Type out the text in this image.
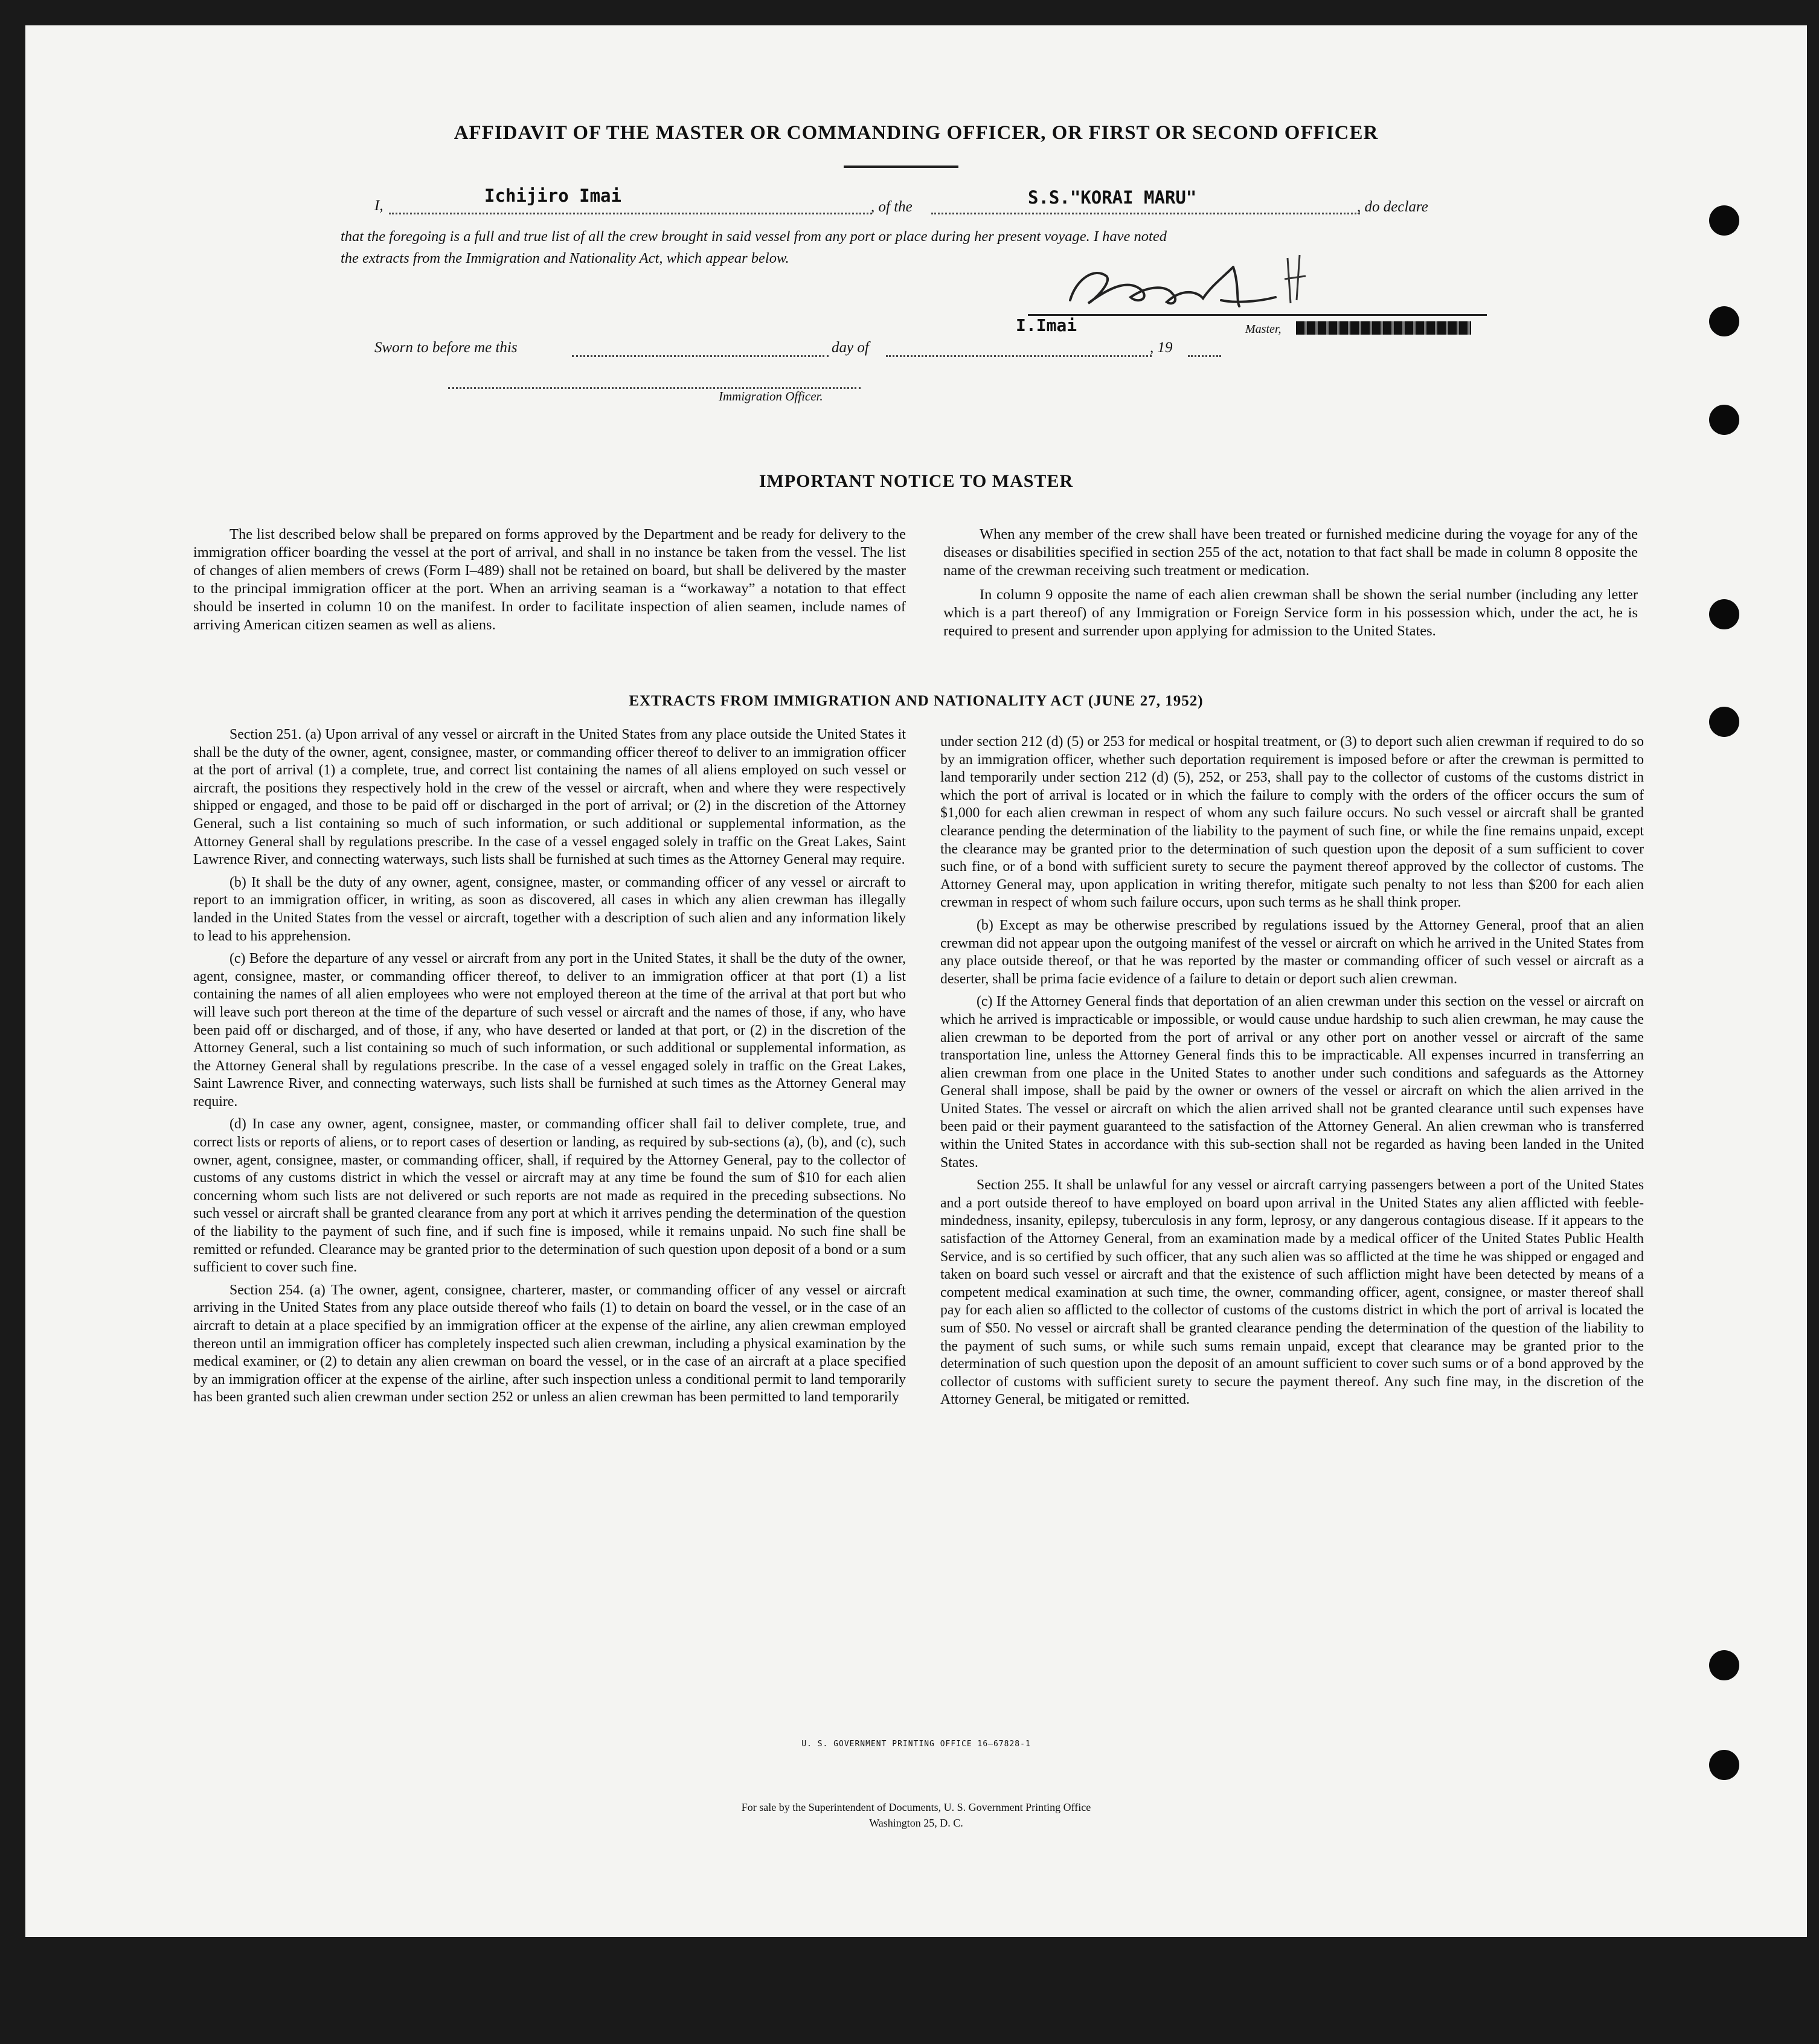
AFFIDAVIT OF THE MASTER OR COMMANDING OFFICER, OR FIRST OR SECOND OFFICER
I,	Ichijiro Imai
, of the	S.S."KORAI MARU"	, do declare
that the foregoing is a full and true list of all the crew brought in said vessel from any port or place during her present voyage. I have noted
the extracts from the Immigration and Nationality Act, which appear below.
I.Imai	Master,
Sworn to before me this	day of	, 19
Immigration Officer.
IMPORTANT NOTICE TO MASTER

The list described below shall be prepared on forms approved by the Department and be ready for delivery to the immigration officer boarding the vessel at the port of arrival, and shall in no instance be taken from the vessel. The list of changes of alien members of crews (Form I–489) shall not be retained on board, but shall be delivered by the master to the principal immigration officer at the port. When an arriving seaman is a “workaway” a notation to that effect should be inserted in column 10 on the manifest. In order to facilitate inspection of alien seamen, include names of arriving American citizen seamen as well as aliens.

When any member of the crew shall have been treated or furnished medicine during the voyage for any of the diseases or disabilities specified in section 255 of the act, notation to that fact shall be made in column 8 opposite the name of the crewman receiving such treatment or medication.

In column 9 opposite the name of each alien crewman shall be shown the serial number (including any letter which is a part thereof) of any Immigration or Foreign Service form in his possession which, under the act, he is required to present and surrender upon applying for admission to the United States.

EXTRACTS FROM IMMIGRATION AND NATIONALITY ACT (JUNE 27, 1952)

Section 251. (a) Upon arrival of any vessel or aircraft in the United States from any place outside the United States it shall be the duty of the owner, agent, consignee, master, or commanding officer thereof to deliver to an immigration officer at the port of arrival (1) a complete, true, and correct list containing the names of all aliens employed on such vessel or aircraft, the positions they respectively hold in the crew of the vessel or aircraft, when and where they were respectively shipped or engaged, and those to be paid off or discharged in the port of arrival; or (2) in the discretion of the Attorney General, such a list containing so much of such information, or such additional or supplemental information, as the Attorney General shall by regulations prescribe. In the case of a vessel engaged solely in traffic on the Great Lakes, Saint Lawrence River, and connecting waterways, such lists shall be furnished at such times as the Attorney General may require.

(b) It shall be the duty of any owner, agent, consignee, master, or commanding officer of any vessel or aircraft to report to an immigration officer, in writing, as soon as discovered, all cases in which any alien crewman has illegally landed in the United States from the vessel or aircraft, together with a description of such alien and any information likely to lead to his apprehension.

(c) Before the departure of any vessel or aircraft from any port in the United States, it shall be the duty of the owner, agent, consignee, master, or commanding officer thereof, to deliver to an immigration officer at that port (1) a list containing the names of all alien employees who were not employed thereon at the time of the arrival at that port but who will leave such port thereon at the time of the departure of such vessel or aircraft and the names of those, if any, who have been paid off or discharged, and of those, if any, who have deserted or landed at that port, or (2) in the discretion of the Attorney General, such a list containing so much of such information, or such additional or supplemental information, as the Attorney General shall by regulations prescribe. In the case of a vessel engaged solely in traffic on the Great Lakes, Saint Lawrence River, and connecting waterways, such lists shall be furnished at such times as the Attorney General may require.

(d) In case any owner, agent, consignee, master, or commanding officer shall fail to deliver complete, true, and correct lists or reports of aliens, or to report cases of desertion or landing, as required by sub-sections (a), (b), and (c), such owner, agent, consignee, master, or commanding officer, shall, if required by the Attorney General, pay to the collector of customs of any customs district in which the vessel or aircraft may at any time be found the sum of $10 for each alien concerning whom such lists are not delivered or such reports are not made as required in the preceding subsections. No such vessel or aircraft shall be granted clearance from any port at which it arrives pending the determination of the question of the liability to the payment of such fine, and if such fine is imposed, while it remains unpaid. No such fine shall be remitted or refunded. Clearance may be granted prior to the determination of such question upon deposit of a bond or a sum sufficient to cover such fine.

Section 254. (a) The owner, agent, consignee, charterer, master, or commanding officer of any vessel or aircraft arriving in the United States from any place outside thereof who fails (1) to detain on board the vessel, or in the case of an aircraft to detain at a place specified by an immigration officer at the expense of the airline, any alien crewman employed thereon until an immigration officer has completely inspected such alien crewman, including a physical examination by the medical examiner, or (2) to detain any alien crewman on board the vessel, or in the case of an aircraft at a place specified by an immigration officer at the expense of the airline, after such inspection unless a conditional permit to land temporarily has been granted such alien crewman under section 252 or unless an alien crewman has been permitted to land temporarily

under section 212 (d) (5) or 253 for medical or hospital treatment, or (3) to deport such alien crewman if required to do so by an immigration officer, whether such deportation requirement is imposed before or after the crewman is permitted to land temporarily under section 212 (d) (5), 252, or 253, shall pay to the collector of customs of the customs district in which the port of arrival is located or in which the failure to comply with the orders of the officer occurs the sum of $1,000 for each alien crewman in respect of whom any such failure occurs. No such vessel or aircraft shall be granted clearance pending the determination of the liability to the payment of such fine, or while the fine remains unpaid, except the clearance may be granted prior to the determination of such question upon the deposit of a sum sufficient to cover such fine, or of a bond with sufficient surety to secure the payment thereof approved by the collector of customs. The Attorney General may, upon application in writing therefor, mitigate such penalty to not less than $200 for each alien crewman in respect of whom such failure occurs, upon such terms as he shall think proper.

(b) Except as may be otherwise prescribed by regulations issued by the Attorney General, proof that an alien crewman did not appear upon the outgoing manifest of the vessel or aircraft on which he arrived in the United States from any place outside thereof, or that he was reported by the master or commanding officer of such vessel or aircraft as a deserter, shall be prima facie evidence of a failure to detain or deport such alien crewman.

(c) If the Attorney General finds that deportation of an alien crewman under this section on the vessel or aircraft on which he arrived is impracticable or impossible, or would cause undue hardship to such alien crewman, he may cause the alien crewman to be deported from the port of arrival or any other port on another vessel or aircraft of the same transportation line, unless the Attorney General finds this to be impracticable. All expenses incurred in transferring an alien crewman from one place in the United States to another under such conditions and safeguards as the Attorney General shall impose, shall be paid by the owner or owners of the vessel or aircraft on which the alien arrived in the United States. The vessel or aircraft on which the alien arrived shall not be granted clearance until such expenses have been paid or their payment guaranteed to the satisfaction of the Attorney General. An alien crewman who is transferred within the United States in accordance with this sub-section shall not be regarded as having been landed in the United States.

Section 255. It shall be unlawful for any vessel or aircraft carrying passengers between a port of the United States and a port outside thereof to have employed on board upon arrival in the United States any alien afflicted with feeble-mindedness, insanity, epilepsy, tuberculosis in any form, leprosy, or any dangerous contagious disease. If it appears to the satisfaction of the Attorney General, from an examination made by a medical officer of the United States Public Health Service, and is so certified by such officer, that any such alien was so afflicted at the time he was shipped or engaged and taken on board such vessel or aircraft and that the existence of such affliction might have been detected by means of a competent medical examination at such time, the owner, commanding officer, agent, consignee, or master thereof shall pay for each alien so afflicted to the collector of customs of the customs district in which the port of arrival is located the sum of $50. No vessel or aircraft shall be granted clearance pending the determination of the question of the liability to the payment of such sums, or while such sums remain unpaid, except that clearance may be granted prior to the determination of such question upon the deposit of an amount sufficient to cover such sums or of a bond approved by the collector of customs with sufficient surety to secure the payment thereof. Any such fine may, in the discretion of the Attorney General, be mitigated or remitted.

U. S. GOVERNMENT PRINTING OFFICE 16—67828-1
For sale by the Superintendent of Documents, U. S. Government Printing Office
Washington 25, D. C.
